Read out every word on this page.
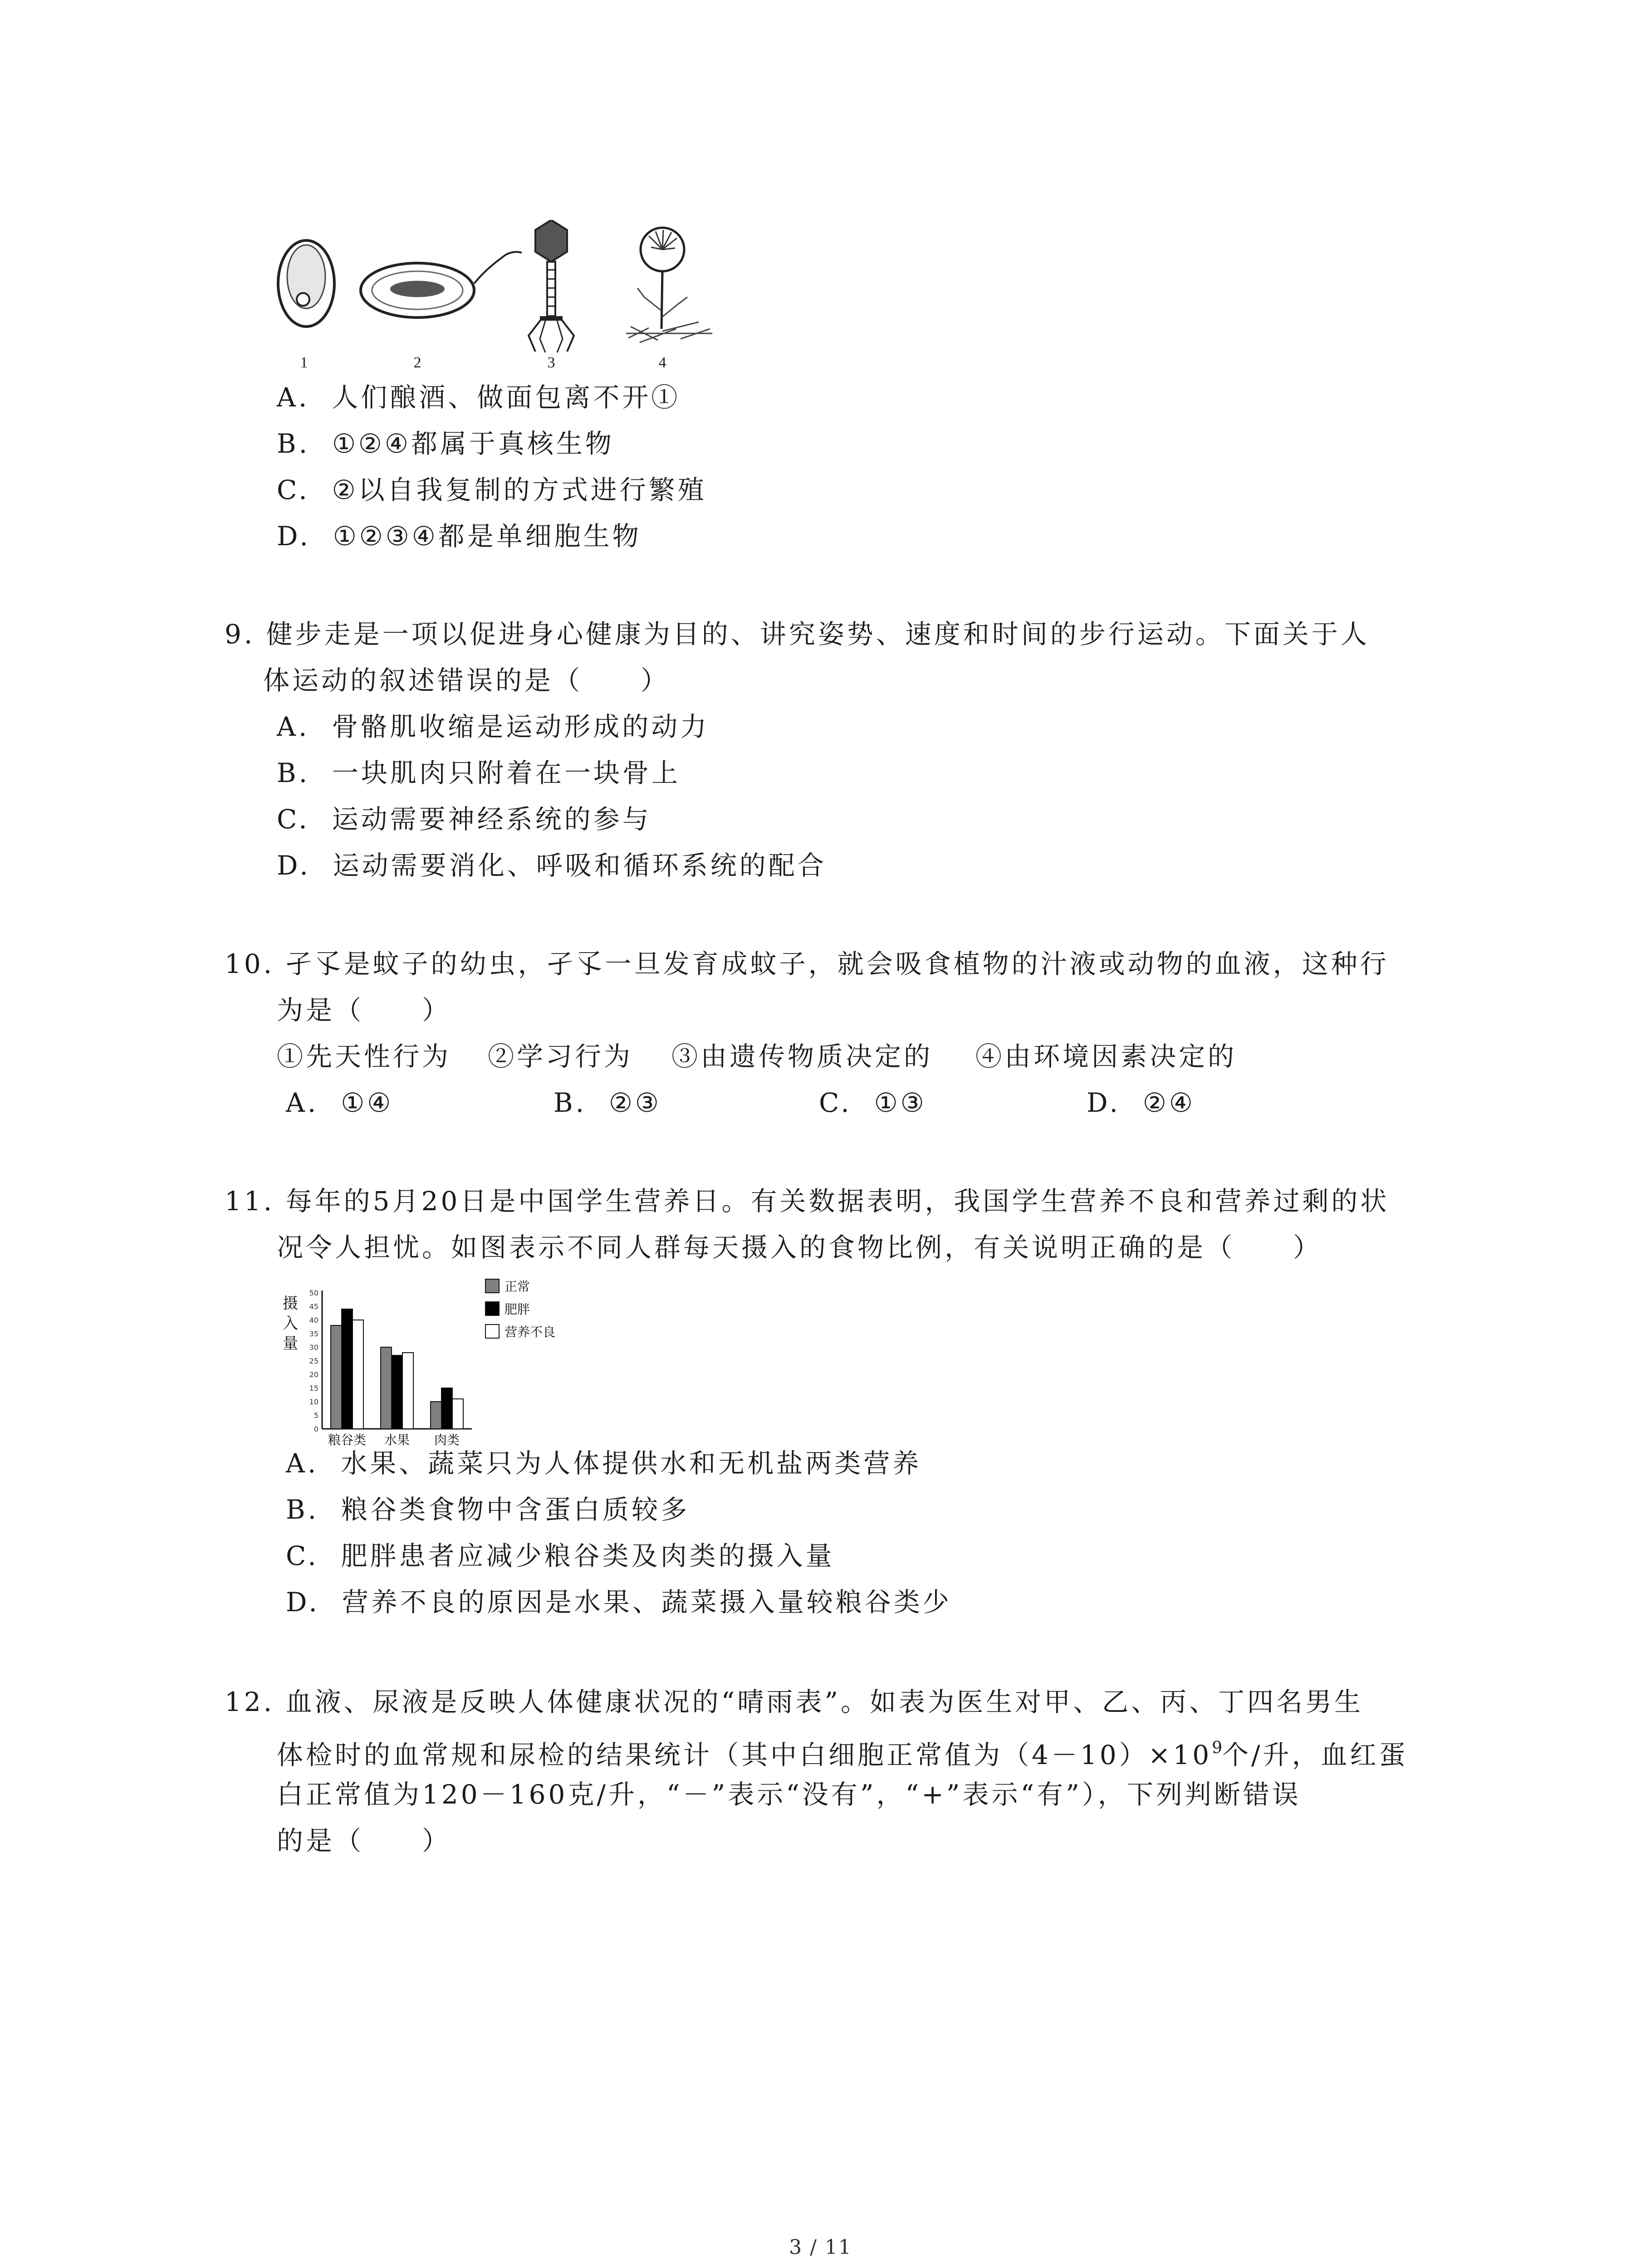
1	2	3	4
A. 人们酿酒、做面包离不开①
B. ①②④都属于真核生物
C. ②以自我复制的方式进行繁殖
D. ①②③④都是单细胞生物
9. 健步走是一项以促进身心健康为目的、讲究姿势、速度和时间的步行运动。下面关于人
体运动的叙述错误的是（　　）
A. 骨骼肌收缩是运动形成的动力
B. 一块肌肉只附着在一块骨上
C. 运动需要神经系统的参与
D. 运动需要消化、呼吸和循环系统的配合
10. 孑孓是蚊子的幼虫，孑孓一旦发育成蚊子，就会吸食植物的汁液或动物的血液，这种行
为是（　　）
①先天性行为 ②学习行为 ③由遗传物质决定的 ④由环境因素决定的
A. ①④	B. ②③	C. ①③	D. ②④
11. 每年的5月20日是中国学生营养日。有关数据表明，我国学生营养不良和营养过剩的状
况令人担忧。如图表示不同人群每天摄入的食物比例，有关说明正确的是（　　）
摄
入
量
50
45
40
35
30
25
20
15
10
5
0
粮谷类 水果 肉类
正常
肥胖
营养不良
A. 水果、蔬菜只为人体提供水和无机盐两类营养
B. 粮谷类食物中含蛋白质较多
C. 肥胖患者应减少粮谷类及肉类的摄入量
D. 营养不良的原因是水果、蔬菜摄入量较粮谷类少
12. 血液、尿液是反映人体健康状况的“晴雨表”。如表为医生对甲、乙、丙、丁四名男生
体检时的血常规和尿检的结果统计（其中白细胞正常值为$(4-10)\times 10^9$个/升，血红蛋
白正常值为120－160克/升，“－”表示“没有”，“+”表示“有”），下列判断错误
的是（　　）
3 / 11
